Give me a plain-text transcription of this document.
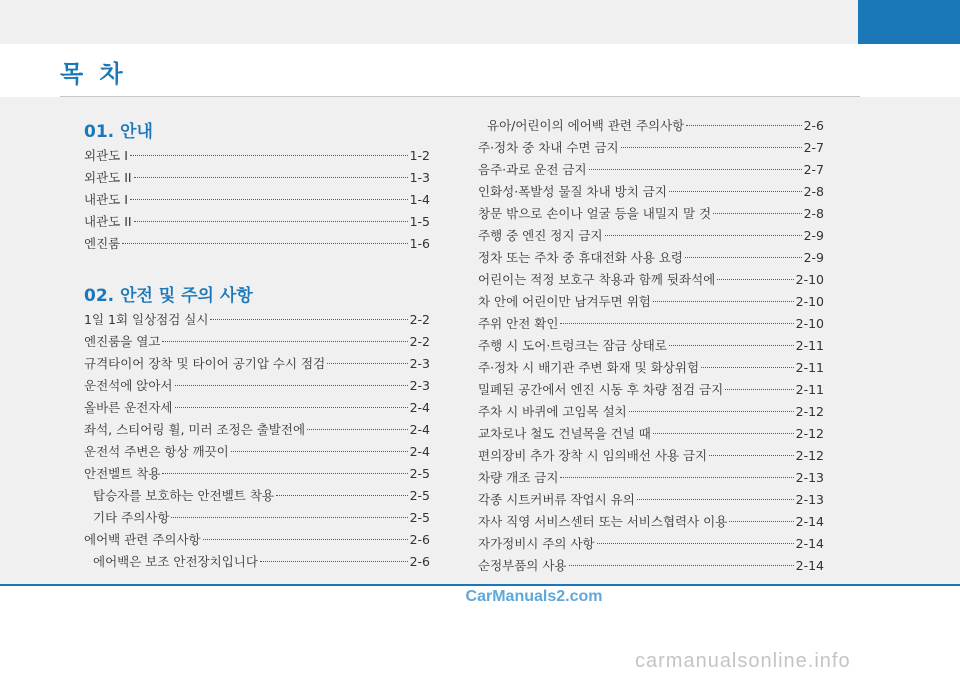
목 차
01. 안내
외관도 I	1-2
외관도 II	1-3
내관도 I	1-4
내관도 II	1-5
엔진룸	1-6
02. 안전 및 주의 사항
1일 1회 일상점검 실시	2-2
엔진룸을 열고	2-2
규격타이어 장착 및 타이어 공기압 수시 점검	2-3
운전석에 앉아서	2-3
올바른 운전자세	2-4
좌석, 스티어링 휠, 미러 조정은 출발전에	2-4
운전석 주변은 항상 깨끗이	2-4
안전벨트 착용	2-5
탑승자를 보호하는 안전벨트 착용	2-5
기타 주의사항	2-5
에어백 관련 주의사항	2-6
에어백은 보조 안전장치입니다	2-6
유아/어린이의 에어백 관련 주의사항	2-6
주·정차 중 차내 수면 금지	2-7
음주·과로 운전 금지	2-7
인화성·폭발성 물질 차내 방치 금지	2-8
창문 밖으로 손이나 얼굴 등을 내밀지 말 것	2-8
주행 중 엔진 정지 금지	2-9
정차 또는 주차 중 휴대전화 사용 요령	2-9
어린이는 적정 보호구 착용과 함께 뒷좌석에	2-10
차 안에 어린이만 남겨두면 위험	2-10
주위 안전 확인	2-10
주행 시 도어·트렁크는 잠금 상태로	2-11
주·정차 시 배기관 주변 화재 및 화상위험	2-11
밀폐된 공간에서 엔진 시동 후 차량 점검 금지	2-11
주차 시 바퀴에 고임목 설치	2-12
교차로나 철도 건널목을 건널 때	2-12
편의장비 추가 장착 시 임의배선 사용 금지	2-12
차량 개조 금지	2-13
각종 시트커버류 작업시 유의	2-13
자사 직영 서비스센터 또는 서비스협력사 이용	2-14
자가정비시 주의 사항	2-14
순정부품의 사용	2-14
CarManuals2.com
carmanualsonline.info
